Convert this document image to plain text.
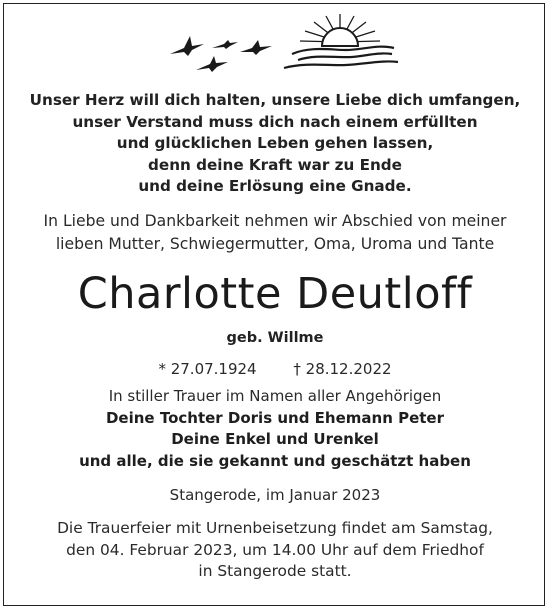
Unser Herz will dich halten, unsere Liebe dich umfangen,
unser Verstand muss dich nach einem erfüllten
und glücklichen Leben gehen lassen,
denn deine Kraft war zu Ende
und deine Erlösung eine Gnade.
In Liebe und Dankbarkeit nehmen wir Abschied von meiner
lieben Mutter, Schwiegermutter, Oma, Uroma und Tante
Charlotte Deutloff
geb. Willme
* 27.07.1924 † 28.12.2022
In stiller Trauer im Namen aller Angehörigen
Deine Tochter Doris und Ehemann Peter
Deine Enkel und Urenkel
und alle, die sie gekannt und geschätzt haben
Stangerode, im Januar 2023
Die Trauerfeier mit Urnenbeisetzung findet am Samstag,
den 04. Februar 2023, um 14.00 Uhr auf dem Friedhof
in Stangerode statt.
